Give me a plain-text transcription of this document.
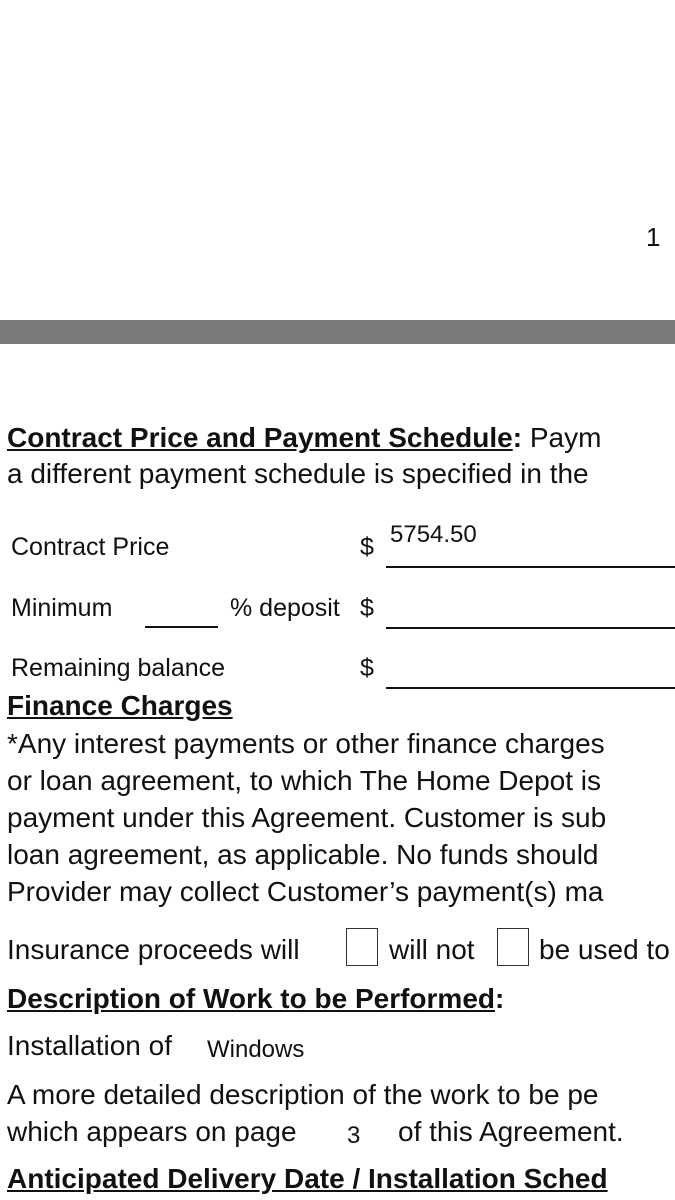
1
Contract Price and Payment Schedule: Paym
a different payment schedule is specified in the
Contract Price	$ 5754.50
Minimum	% deposit $
Remaining balance	$
Finance Charges
*Any interest payments or other finance charges
or loan agreement, to which The Home Depot is
payment under this Agreement. Customer is sub
loan agreement, as applicable. No funds should
Provider may collect Customer’s payment(s) ma
Insurance proceeds will	will not be used to
Description of Work to be Performed:
Installation of Windows
A more detailed description of the work to be pe
which appears on page 3 of this Agreement.
Anticipated Delivery Date / Installation Sched
